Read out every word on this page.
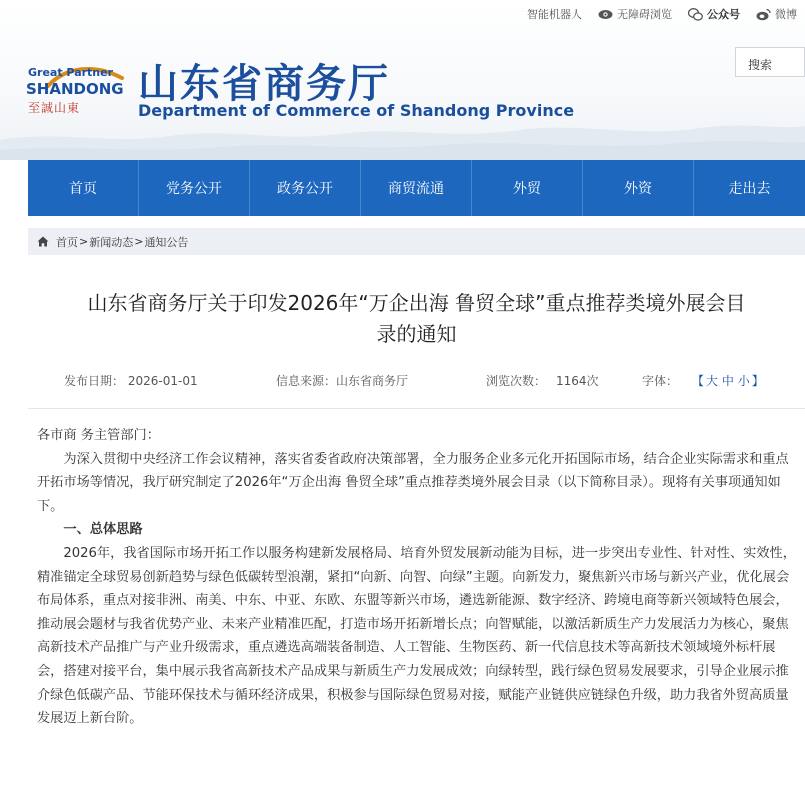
智能机器人	无障碍浏览	公众号	微博
Great Partner
SHANDONG
至誠山東
山东省商务厅
Department of Commerce of Shandong Province
搜索
首页	党务公开	政务公开	商贸流通	外贸	外资	走出去
首页 > 新闻动态 > 通知公告
山东省商务厅关于印发2026年“万企出海 鲁贸全球”重点推荐类境外展会目
录的通知
发布日期： 2026-01-01	信息来源：山东省商务厅	浏览次数： 1164次	字体： 【 大 中 小 】

各市商 务主管部门：

为深入贯彻中央经济工作会议精神，落实省委省政府决策部署，全力服务企业多元化开拓国际市场，结合企业实际需求和重点开拓市场等情况，我厅研究制定了2026年“万企出海 鲁贸全球”重点推荐类境外展会目录（以下简称目录）。现将有关事项通知如下。

一、总体思路

2026年，我省国际市场开拓工作以服务构建新发展格局、培育外贸发展新动能为目标，进一步突出专业性、针对性、实效性，精准锚定全球贸易创新趋势与绿色低碳转型浪潮，紧扣“向新、向智、向绿”主题。向新发力，聚焦新兴市场与新兴产业，优化展会布局体系，重点对接非洲、南美、中东、中亚、东欧、东盟等新兴市场，遴选新能源、数字经济、跨境电商等新兴领域特色展会，推动展会题材与我省优势产业、未来产业精准匹配，打造市场开拓新增长点；向智赋能，以激活新质生产力发展活力为核心，聚焦高新技术产品推广与产业升级需求，重点遴选高端装备制造、人工智能、生物医药、新一代信息技术等高新技术领域境外标杆展会，搭建对接平台，集中展示我省高新技术产品成果与新质生产力发展成效；向绿转型，践行绿色贸易发展要求，引导企业展示推介绿色低碳产品、节能环保技术与循环经济成果，积极参与国际绿色贸易对接，赋能产业链供应链绿色升级，助力我省外贸高质量发展迈上新台阶。
